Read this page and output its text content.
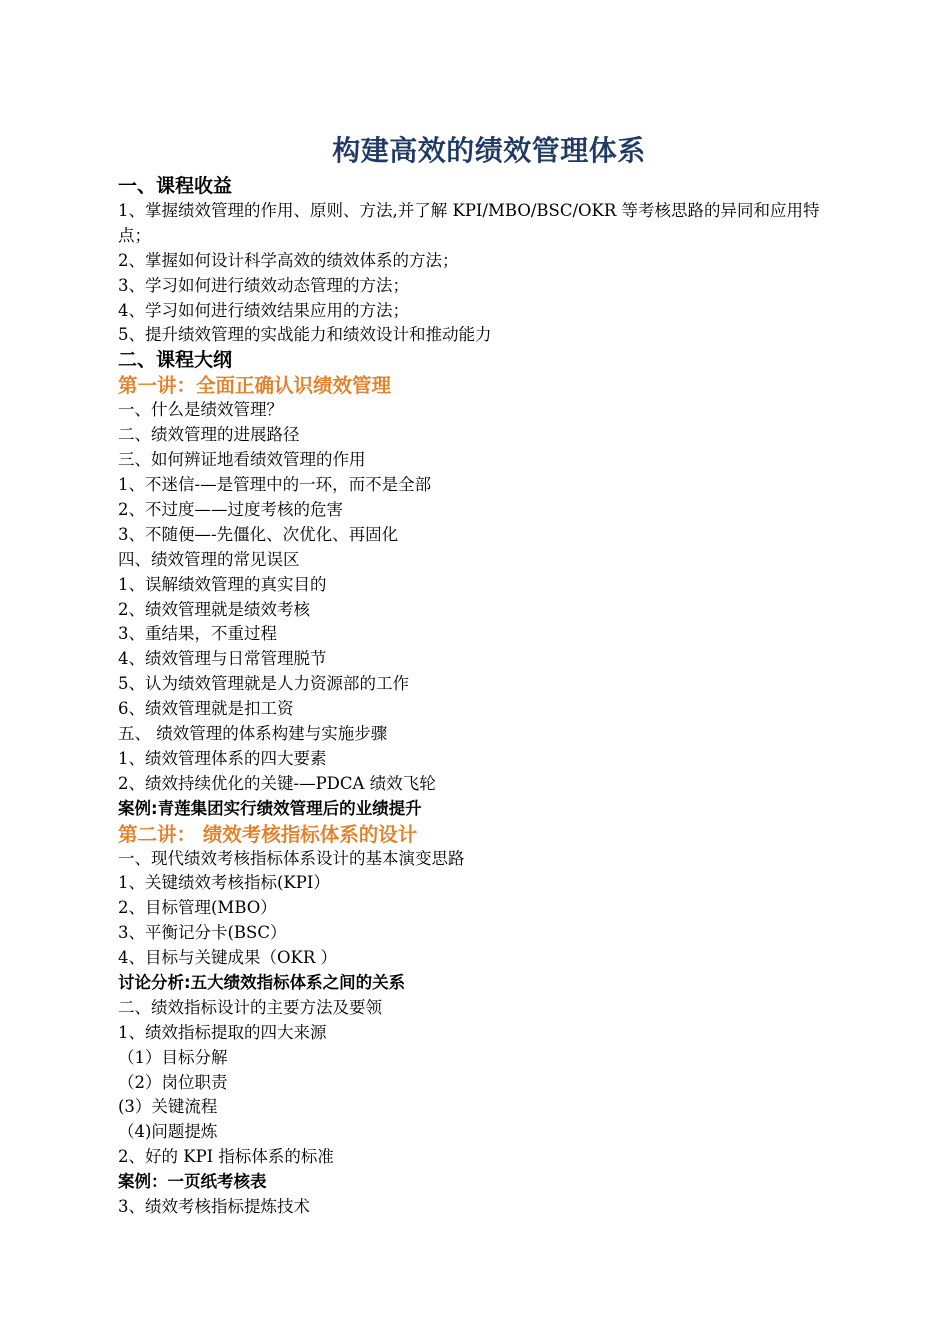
构建高效的绩效管理体系
一、课程收益
1、掌握绩效管理的作用、原则、方法,并了解 KPI/MBO/BSC/OKR 等考核思路的异同和应用特点；
2、掌握如何设计科学高效的绩效体系的方法；
3、学习如何进行绩效动态管理的方法；
4、学习如何进行绩效结果应用的方法；
5、提升绩效管理的实战能力和绩效设计和推动能力
二、课程大纲
第一讲：全面正确认识绩效管理
一、什么是绩效管理？
二、绩效管理的进展路径
三、如何辨证地看绩效管理的作用
1、不迷信-—是管理中的一环，而不是全部
2、不过度——过度考核的危害
3、不随便—-先僵化、次优化、再固化
四、绩效管理的常见误区
1、误解绩效管理的真实目的
2、绩效管理就是绩效考核
3、重结果，不重过程
4、绩效管理与日常管理脱节
5、认为绩效管理就是人力资源部的工作
6、绩效管理就是扣工资
五、 绩效管理的体系构建与实施步骤
1、绩效管理体系的四大要素
2、绩效持续优化的关键-—PDCA 绩效飞轮
案例:青莲集团实行绩效管理后的业绩提升
第二讲： 绩效考核指标体系的设计
一、现代绩效考核指标体系设计的基本演变思路
1、关键绩效考核指标(KPI）
2、目标管理(MBO）
3、平衡记分卡(BSC）
4、目标与关键成果（OKR ）
讨论分析:五大绩效指标体系之间的关系
二、绩效指标设计的主要方法及要领
1、绩效指标提取的四大来源
（1）目标分解
（2）岗位职责
(3）关键流程
（4)问题提炼
2、好的 KPI 指标体系的标准
案例：一页纸考核表
3、绩效考核指标提炼技术
